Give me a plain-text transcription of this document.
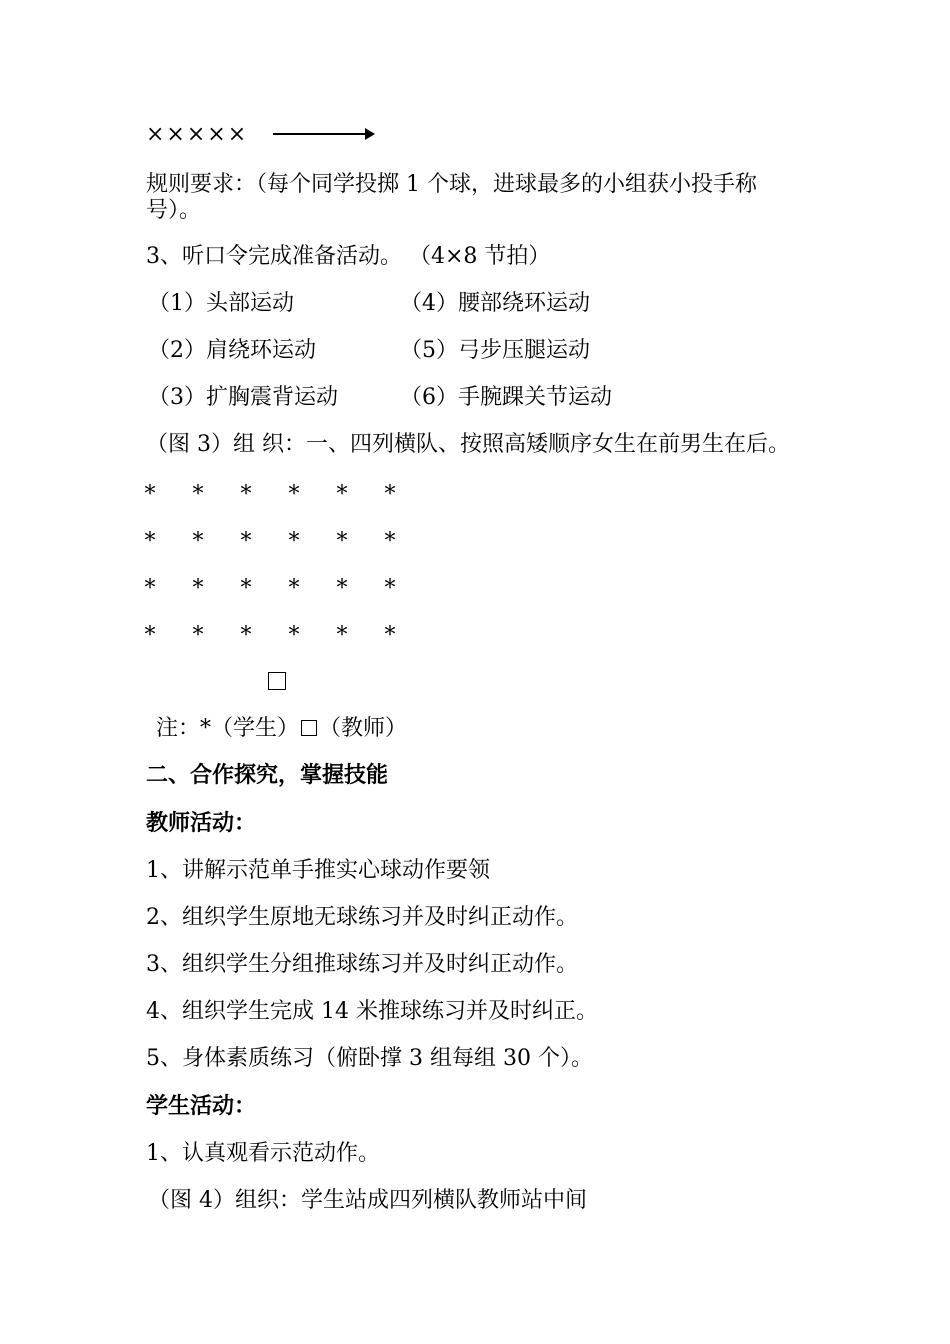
×××××
规则要求：（每个同学投掷 1 个球，进球最多的小组获小投手称
号）。
3、听口令完成准备活动。 （4×8 节拍）
（1）头部运动	（4）腰部绕环运动
（2）肩绕环运动	（5）弓步压腿运动
（3）扩胸震背运动	（6）手腕踝关节运动
（图 3）组 织：一、四列横队、按照高矮顺序女生在前男生在后。
* * * * * *
* * * * * *
* * * * * *
* * * * * *
注：*（学生） （教师）
二、合作探究，掌握技能
教师活动：
1、讲解示范单手推实心球动作要领
2、组织学生原地无球练习并及时纠正动作。
3、组织学生分组推球练习并及时纠正动作。
4、组织学生完成 14 米推球练习并及时纠正。
5、身体素质练习（俯卧撑 3 组每组 30 个）。
学生活动：
1、认真观看示范动作。
（图 4）组织：学生站成四列横队教师站中间
